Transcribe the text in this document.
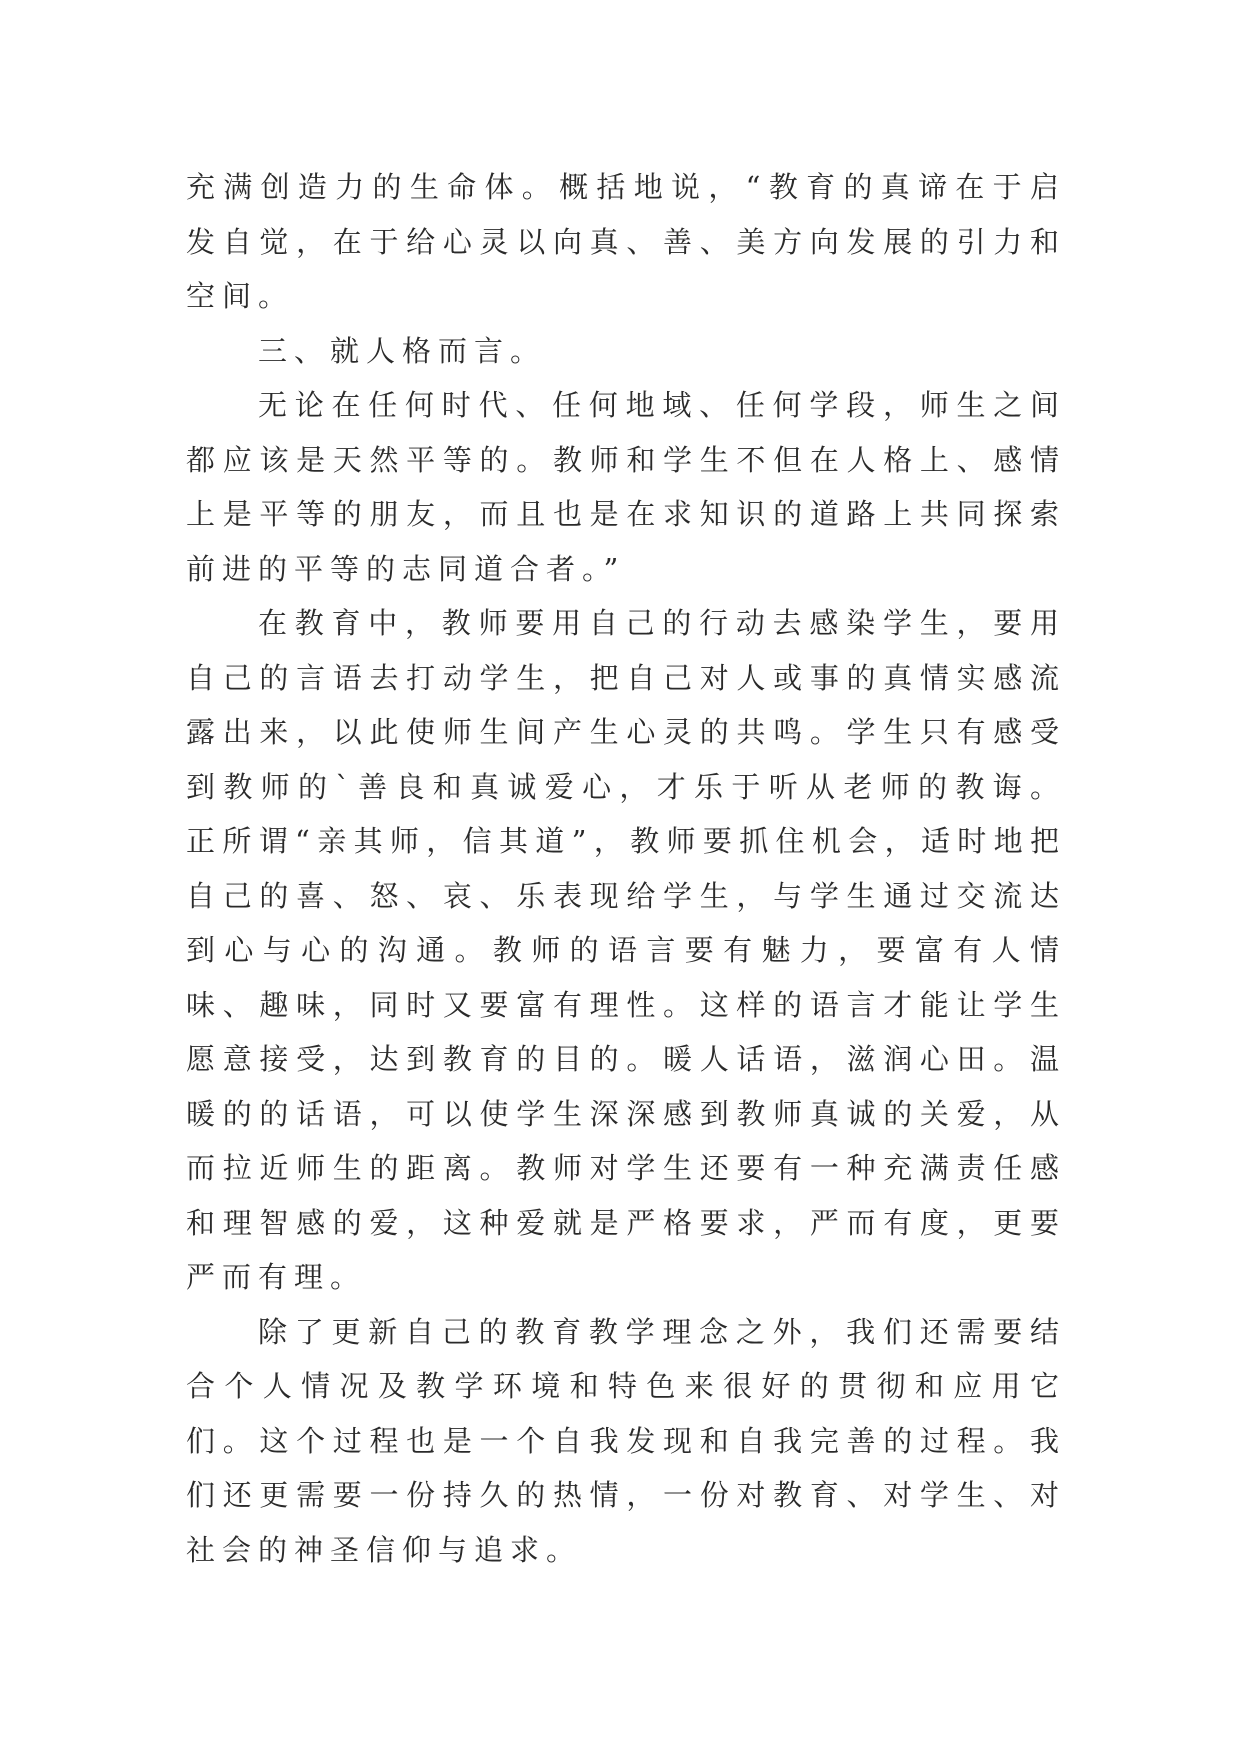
充满创造力的生命体。概括地说，“教育的真谛在于启发自觉，在于给心灵以向真、善、美方向发展的引力和空间。

三、就人格而言。

无论在任何时代、任何地域、任何学段，师生之间都应该是天然平等的。教师和学生不但在人格上、感情上是平等的朋友，而且也是在求知识的道路上共同探索前进的平等的志同道合者。”

在教育中，教师要用自己的行动去感染学生，要用自己的言语去打动学生，把自己对人或事的真情实感流露出来，以此使师生间产生心灵的共鸣。学生只有感受到教师的`善良和真诚爱心，才乐于听从老师的教诲。正所谓“亲其师，信其道”，教师要抓住机会，适时地把自己的喜、怒、哀、乐表现给学生，与学生通过交流达到心与心的沟通。教师的语言要有魅力，要富有人情味、趣味，同时又要富有理性。这样的语言才能让学生愿意接受，达到教育的目的。暖人话语，滋润心田。温暖的的话语，可以使学生深深感到教师真诚的关爱，从而拉近师生的距离。教师对学生还要有一种充满责任感和理智感的爱，这种爱就是严格要求，严而有度，更要严而有理。

除了更新自己的教育教学理念之外，我们还需要结合个人情况及教学环境和特色来很好的贯彻和应用它们。这个过程也是一个自我发现和自我完善的过程。我们还更需要一份持久的热情，一份对教育、对学生、对社会的神圣信仰与追求。
